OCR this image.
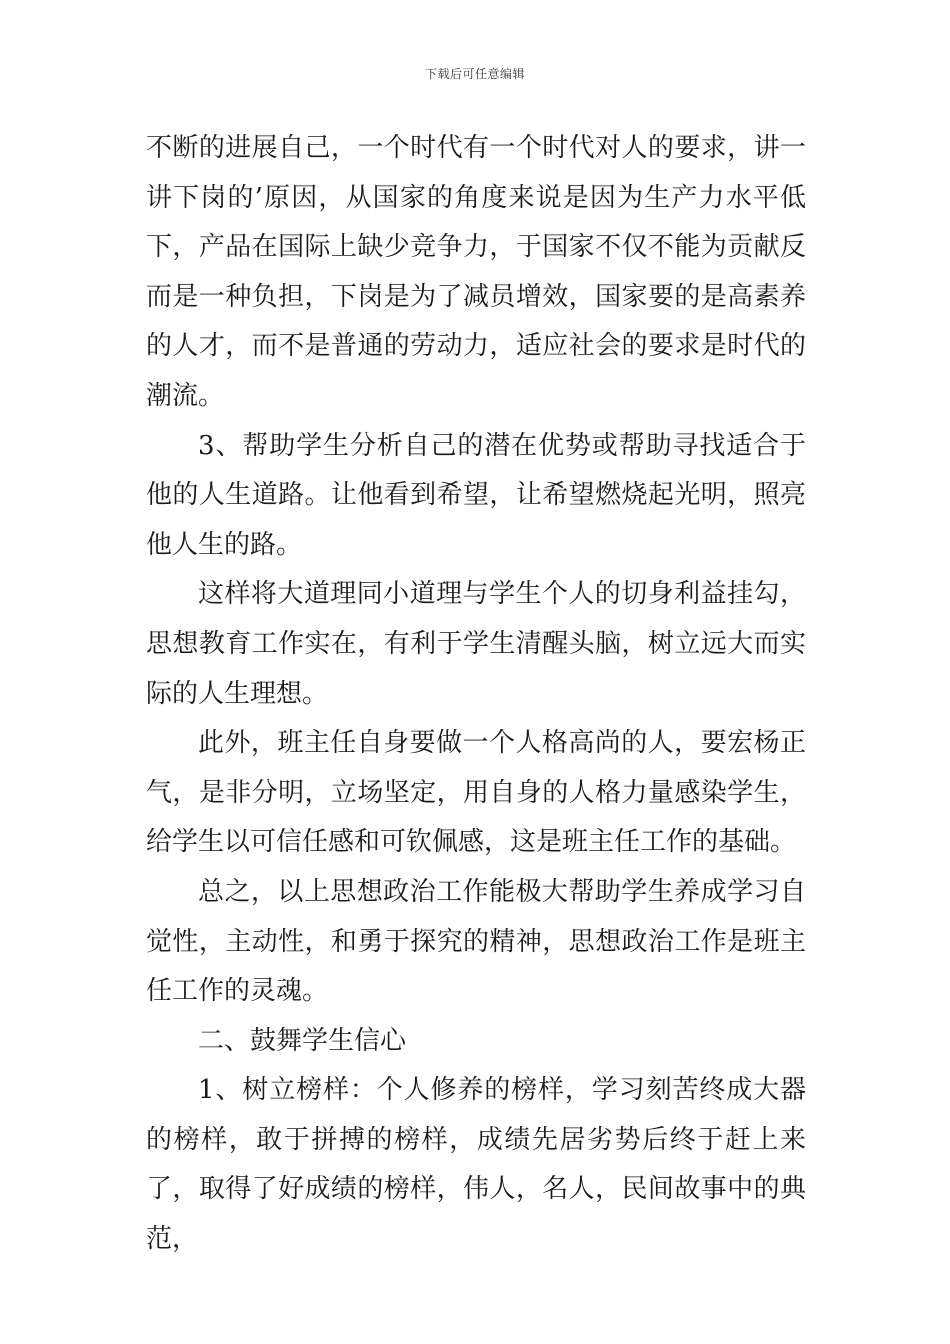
下载后可任意编辑

不断的进展自己，一个时代有一个时代对人的要求，讲一讲下岗的’原因，从国家的角度来说是因为生产力水平低下，产品在国际上缺少竞争力，于国家不仅不能为贡献反而是一种负担，下岗是为了减员增效，国家要的是高素养的人才，而不是普通的劳动力，适应社会的要求是时代的潮流。

3、帮助学生分析自己的潜在优势或帮助寻找适合于他的人生道路。让他看到希望，让希望燃烧起光明，照亮他人生的路。

这样将大道理同小道理与学生个人的切身利益挂勾，思想教育工作实在，有利于学生清醒头脑，树立远大而实际的人生理想。

此外，班主任自身要做一个人格高尚的人，要宏杨正气，是非分明，立场坚定，用自身的人格力量感染学生，给学生以可信任感和可钦佩感，这是班主任工作的基础。

总之，以上思想政治工作能极大帮助学生养成学习自觉性，主动性，和勇于探究的精神，思想政治工作是班主任工作的灵魂。

二、鼓舞学生信心

1、树立榜样：个人修养的榜样，学习刻苦终成大器的榜样，敢于拼搏的榜样，成绩先居劣势后终于赶上来了，取得了好成绩的榜样，伟人，名人，民间故事中的典范，
